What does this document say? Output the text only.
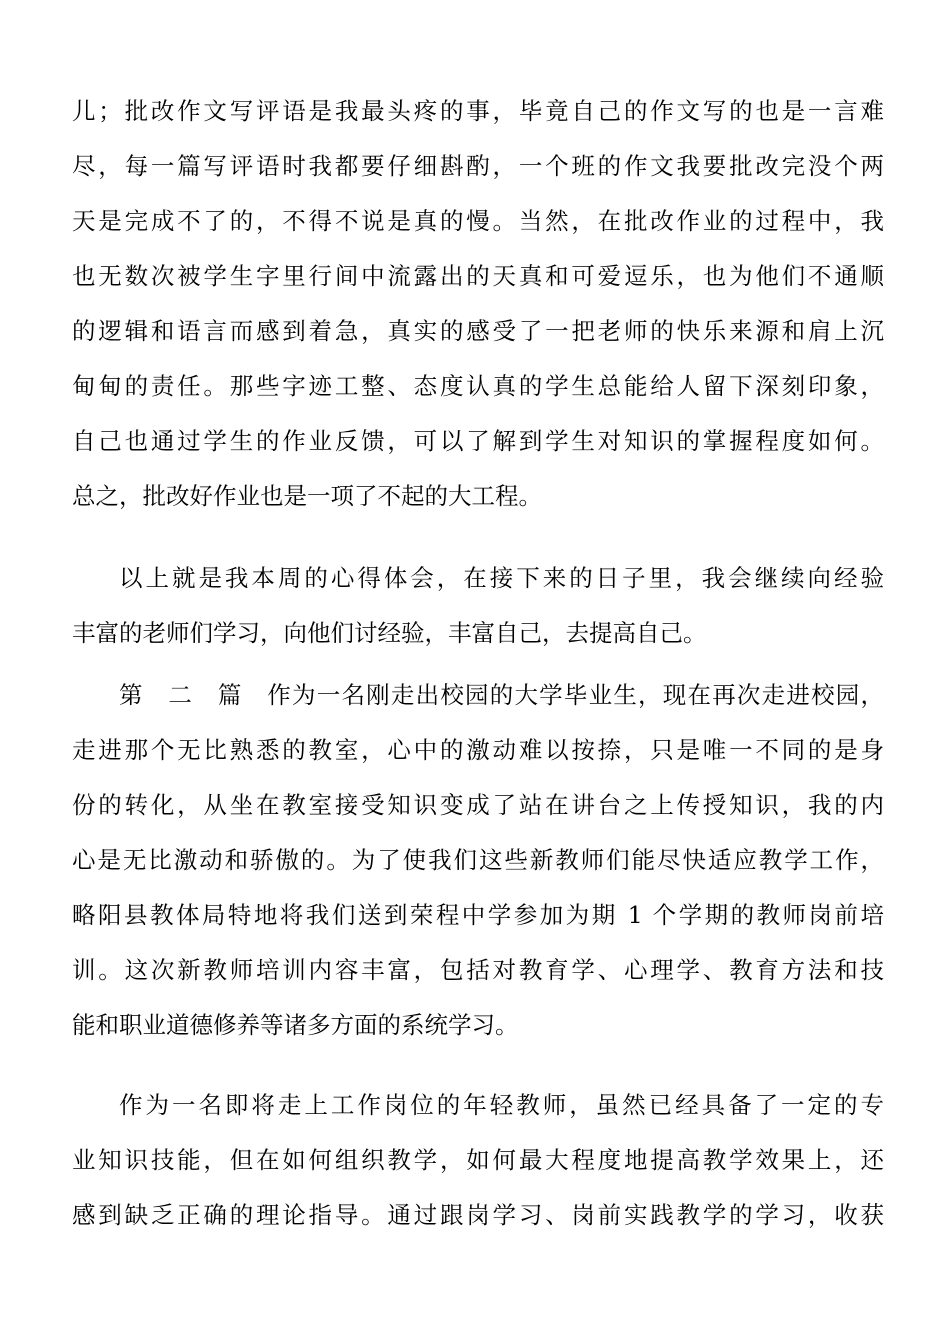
儿；批改作文写评语是我最头疼的事，毕竟自己的作文写的也是一言难
尽，每一篇写评语时我都要仔细斟酌，一个班的作文我要批改完没个两
天是完成不了的，不得不说是真的慢。当然，在批改作业的过程中，我
也无数次被学生字里行间中流露出的天真和可爱逗乐，也为他们不通顺
的逻辑和语言而感到着急，真实的感受了一把老师的快乐来源和肩上沉
甸甸的责任。那些字迹工整、态度认真的学生总能给人留下深刻印象，
自己也通过学生的作业反馈，可以了解到学生对知识的掌握程度如何。
总之，批改好作业也是一项了不起的大工程。
以上就是我本周的心得体会，在接下来的日子里，我会继续向经验
丰富的老师们学习，向他们讨经验，丰富自己，去提高自己。
第　二　篇　作为一名刚走出校园的大学毕业生，现在再次走进校园，
走进那个无比熟悉的教室，心中的激动难以按捺，只是唯一不同的是身
份的转化，从坐在教室接受知识变成了站在讲台之上传授知识，我的内
心是无比激动和骄傲的。为了使我们这些新教师们能尽快适应教学工作，
略阳县教体局特地将我们送到荣程中学参加为期 1 个学期的教师岗前培
训。这次新教师培训内容丰富，包括对教育学、心理学、教育方法和技
能和职业道德修养等诸多方面的系统学习。
作为一名即将走上工作岗位的年轻教师，虽然已经具备了一定的专
业知识技能，但在如何组织教学，如何最大程度地提高教学效果上，还
感到缺乏正确的理论指导。通过跟岗学习、岗前实践教学的学习，收获
